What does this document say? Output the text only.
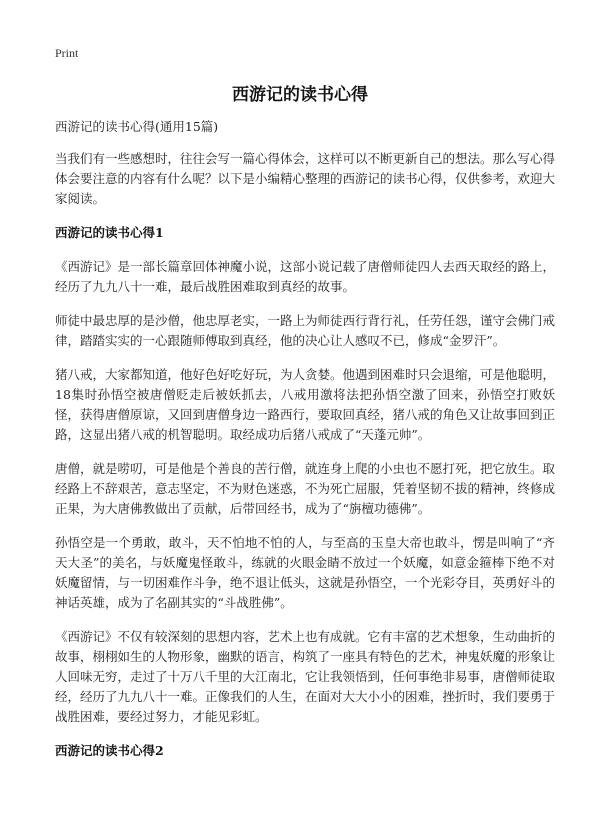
Print
西游记的读书心得

西游记的读书心得(通用15篇)

当我们有一些感想时，往往会写一篇心得体会，这样可以不断更新自己的想法。那么写心得体会要注意的内容有什么呢？以下是小编精心整理的西游记的读书心得，仅供参考，欢迎大家阅读。

西游记的读书心得1

《西游记》是一部长篇章回体神魔小说，这部小说记载了唐僧师徒四人去西天取经的路上，经历了九九八十一难，最后战胜困难取到真经的故事。

师徒中最忠厚的是沙僧，他忠厚老实，一路上为师徒西行背行礼，任劳任怨，谨守会佛门戒律，踏踏实实的一心跟随师傅取到真经，他的决心让人感叹不已，修成“金罗汗”。

猪八戒，大家都知道，他好色好吃好玩，为人贪婪。他遇到困难时只会退缩，可是他聪明，18集时孙悟空被唐僧贬走后被妖抓去，八戒用激将法把孙悟空激了回来，孙悟空打败妖怪，获得唐僧原谅，又回到唐僧身边一路西行，要取回真经，猪八戒的角色又让故事回到正路，这显出猪八戒的机智聪明。取经成功后猪八戒成了“天蓬元帅”。

唐僧，就是唠叨，可是他是个善良的苦行僧，就连身上爬的小虫也不愿打死，把它放生。取经路上不辞艰苦，意志坚定，不为财色迷惑，不为死亡屈服，凭着坚韧不拔的精神，终修成正果，为大唐佛教做出了贡献，后带回经书，成为了“旃檀功德佛”。

孙悟空是一个勇敢，敢斗，天不怕地不怕的人，与至高的玉皇大帝也敢斗，愣是叫响了“齐天大圣”的美名，与妖魔鬼怪敢斗，练就的火眼金睛不放过一个妖魔，如意金箍棒下绝不对妖魔留情，与一切困难作斗争，绝不退让低头，这就是孙悟空，一个光彩夺目，英勇好斗的神话英雄，成为了名副其实的“斗战胜佛”。

《西游记》不仅有较深刻的思想内容，艺术上也有成就。它有丰富的艺术想象，生动曲折的故事，栩栩如生的人物形象，幽默的语言，构筑了一座具有特色的艺术，神鬼妖魔的形象让人回味无穷，走过了十万八千里的大江南北，它让我领悟到，任何事绝非易事，唐僧师徒取经，经历了九九八十一难。正像我们的人生，在面对大大小小的困难，挫折时，我们要勇于战胜困难，要经过努力，才能见彩虹。

西游记的读书心得2
